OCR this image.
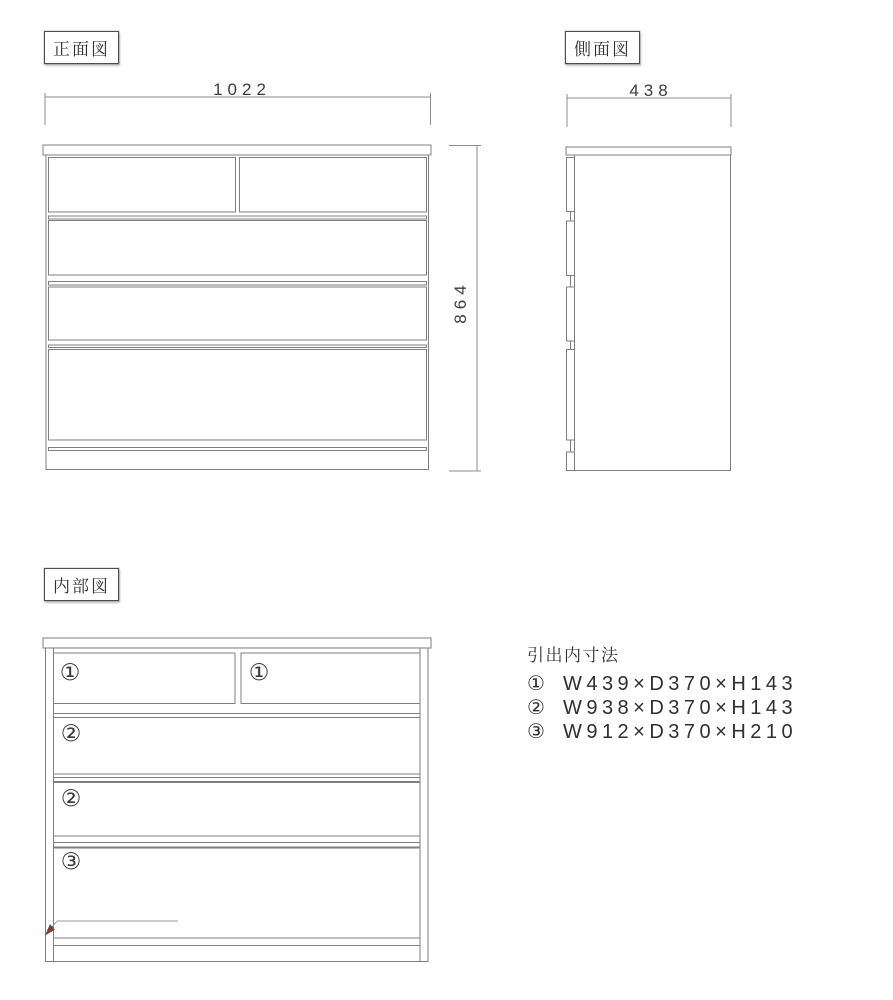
正面図	側面図
内部図
1022	438
864
引出内寸法
① W439×D370×H143
② W938×D370×H143
③ W912×D370×H210
①	①
②
②
③
